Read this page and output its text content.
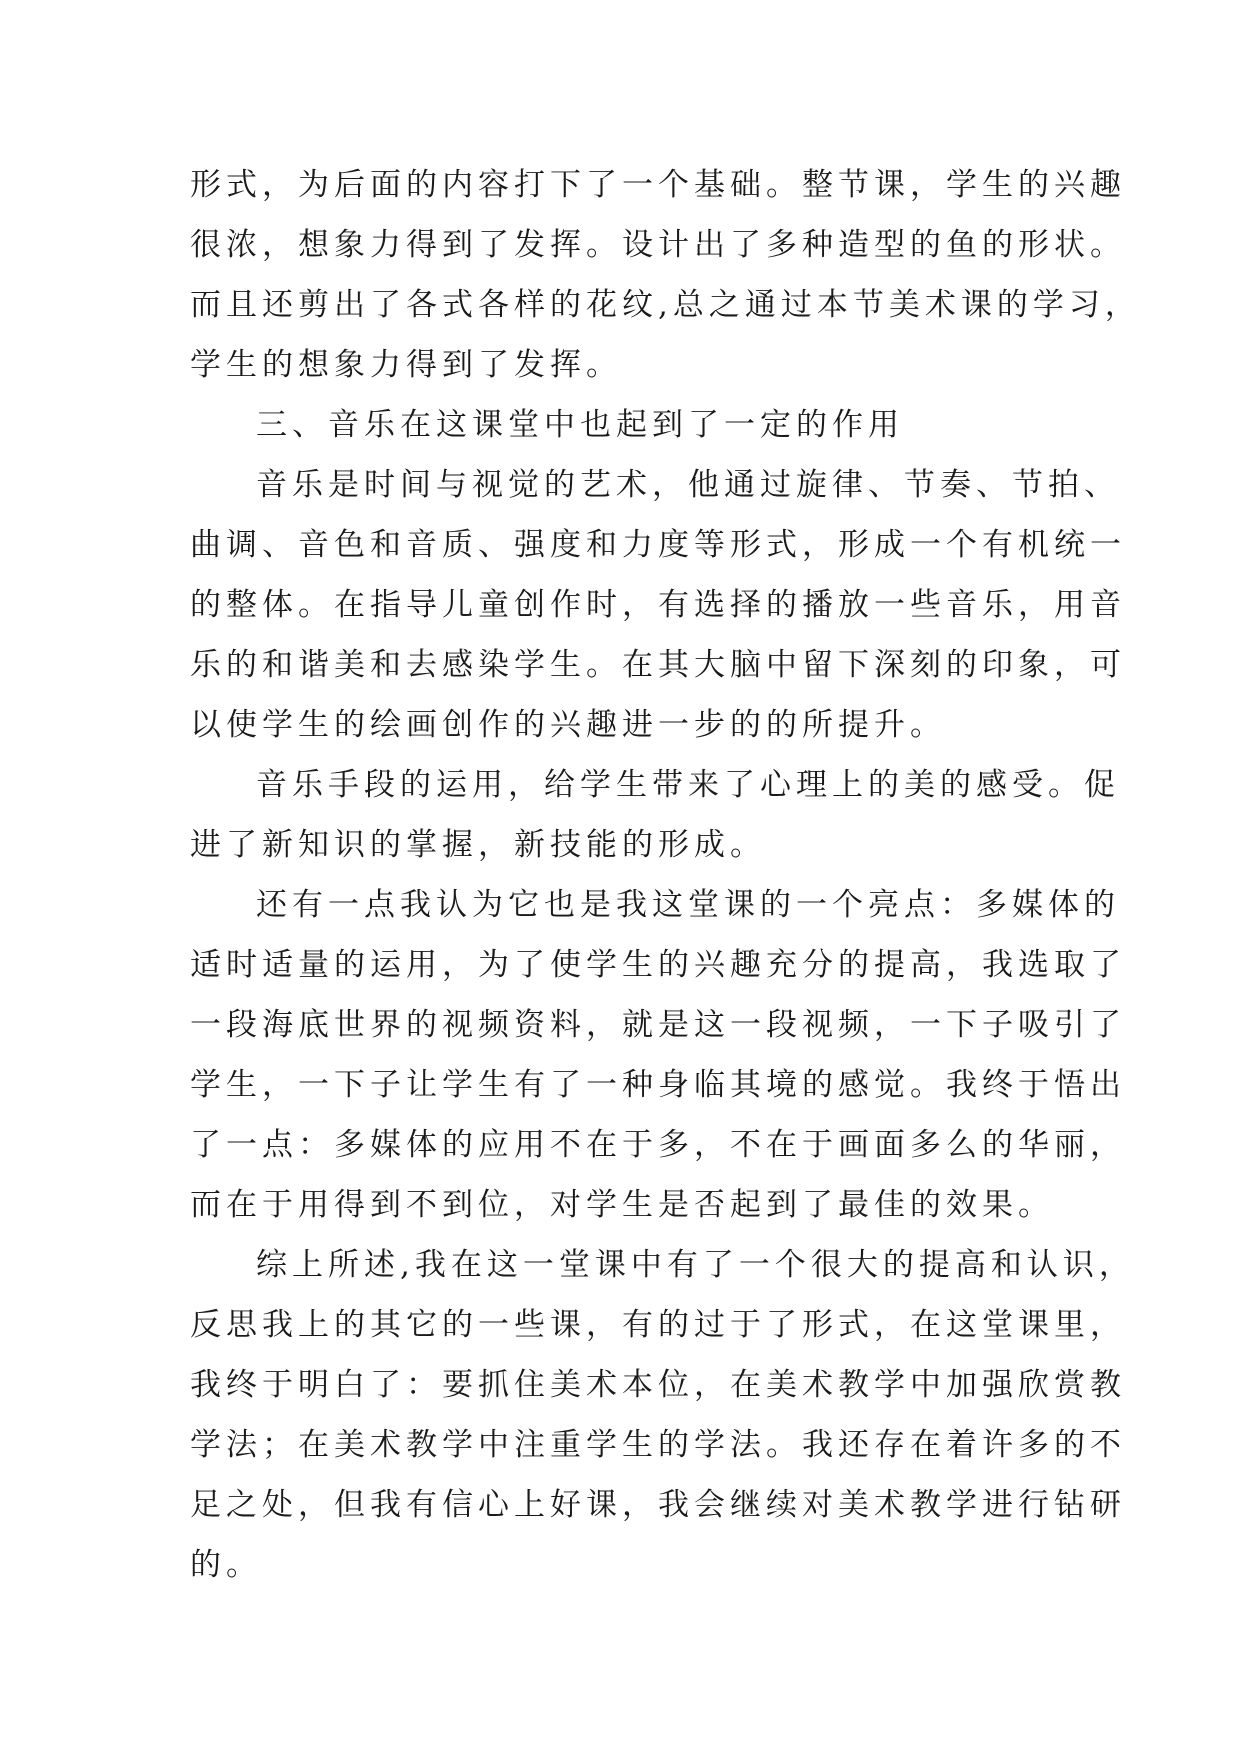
形式，为后面的内容打下了一个基础。整节课，学生的兴趣
很浓，想象力得到了发挥。设计出了多种造型的鱼的形状。
而且还剪出了各式各样的花纹,总之通过本节美术课的学习，
学生的想象力得到了发挥。
三、音乐在这课堂中也起到了一定的作用
音乐是时间与视觉的艺术，他通过旋律、节奏、节拍、
曲调、音色和音质、强度和力度等形式，形成一个有机统一
的整体。在指导儿童创作时，有选择的播放一些音乐，用音
乐的和谐美和去感染学生。在其大脑中留下深刻的印象，可
以使学生的绘画创作的兴趣进一步的的所提升。
音乐手段的运用，给学生带来了心理上的美的感受。促
进了新知识的掌握，新技能的形成。
还有一点我认为它也是我这堂课的一个亮点：多媒体的
适时适量的运用，为了使学生的兴趣充分的提高，我选取了
一段海底世界的视频资料，就是这一段视频，一下子吸引了
学生，一下子让学生有了一种身临其境的感觉。我终于悟出
了一点：多媒体的应用不在于多，不在于画面多么的华丽，
而在于用得到不到位，对学生是否起到了最佳的效果。
综上所述,我在这一堂课中有了一个很大的提高和认识，
反思我上的其它的一些课，有的过于了形式，在这堂课里，
我终于明白了：要抓住美术本位，在美术教学中加强欣赏教
学法；在美术教学中注重学生的学法。我还存在着许多的不
足之处，但我有信心上好课，我会继续对美术教学进行钻研
的。
